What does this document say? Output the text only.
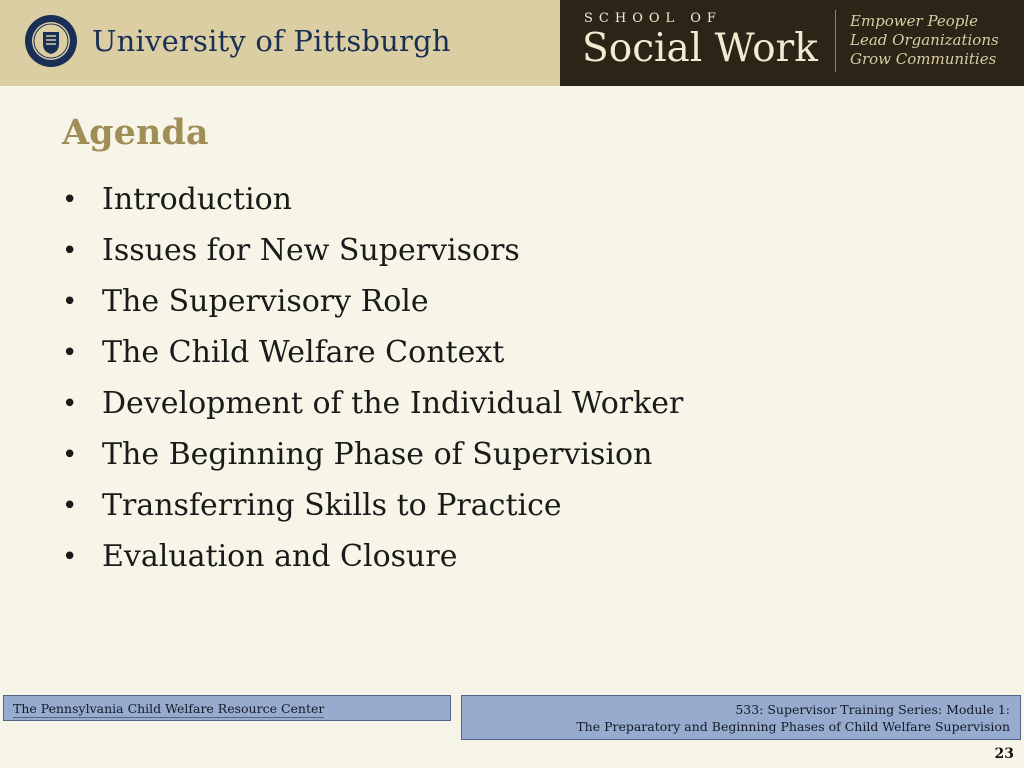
University of Pittsburgh
SCHOOL OF
Social Work
Empower People
Lead Organizations
Grow Communities
Agenda
• Introduction
• Issues for New Supervisors
• The Supervisory Role
• The Child Welfare Context
• Development of the Individual Worker
• The Beginning Phase of Supervision
• Transferring Skills to Practice
• Evaluation and Closure
The Pennsylvania Child Welfare Resource Center	533: Supervisor Training Series: Module 1:
The Preparatory and Beginning Phases of Child Welfare Supervision
23
